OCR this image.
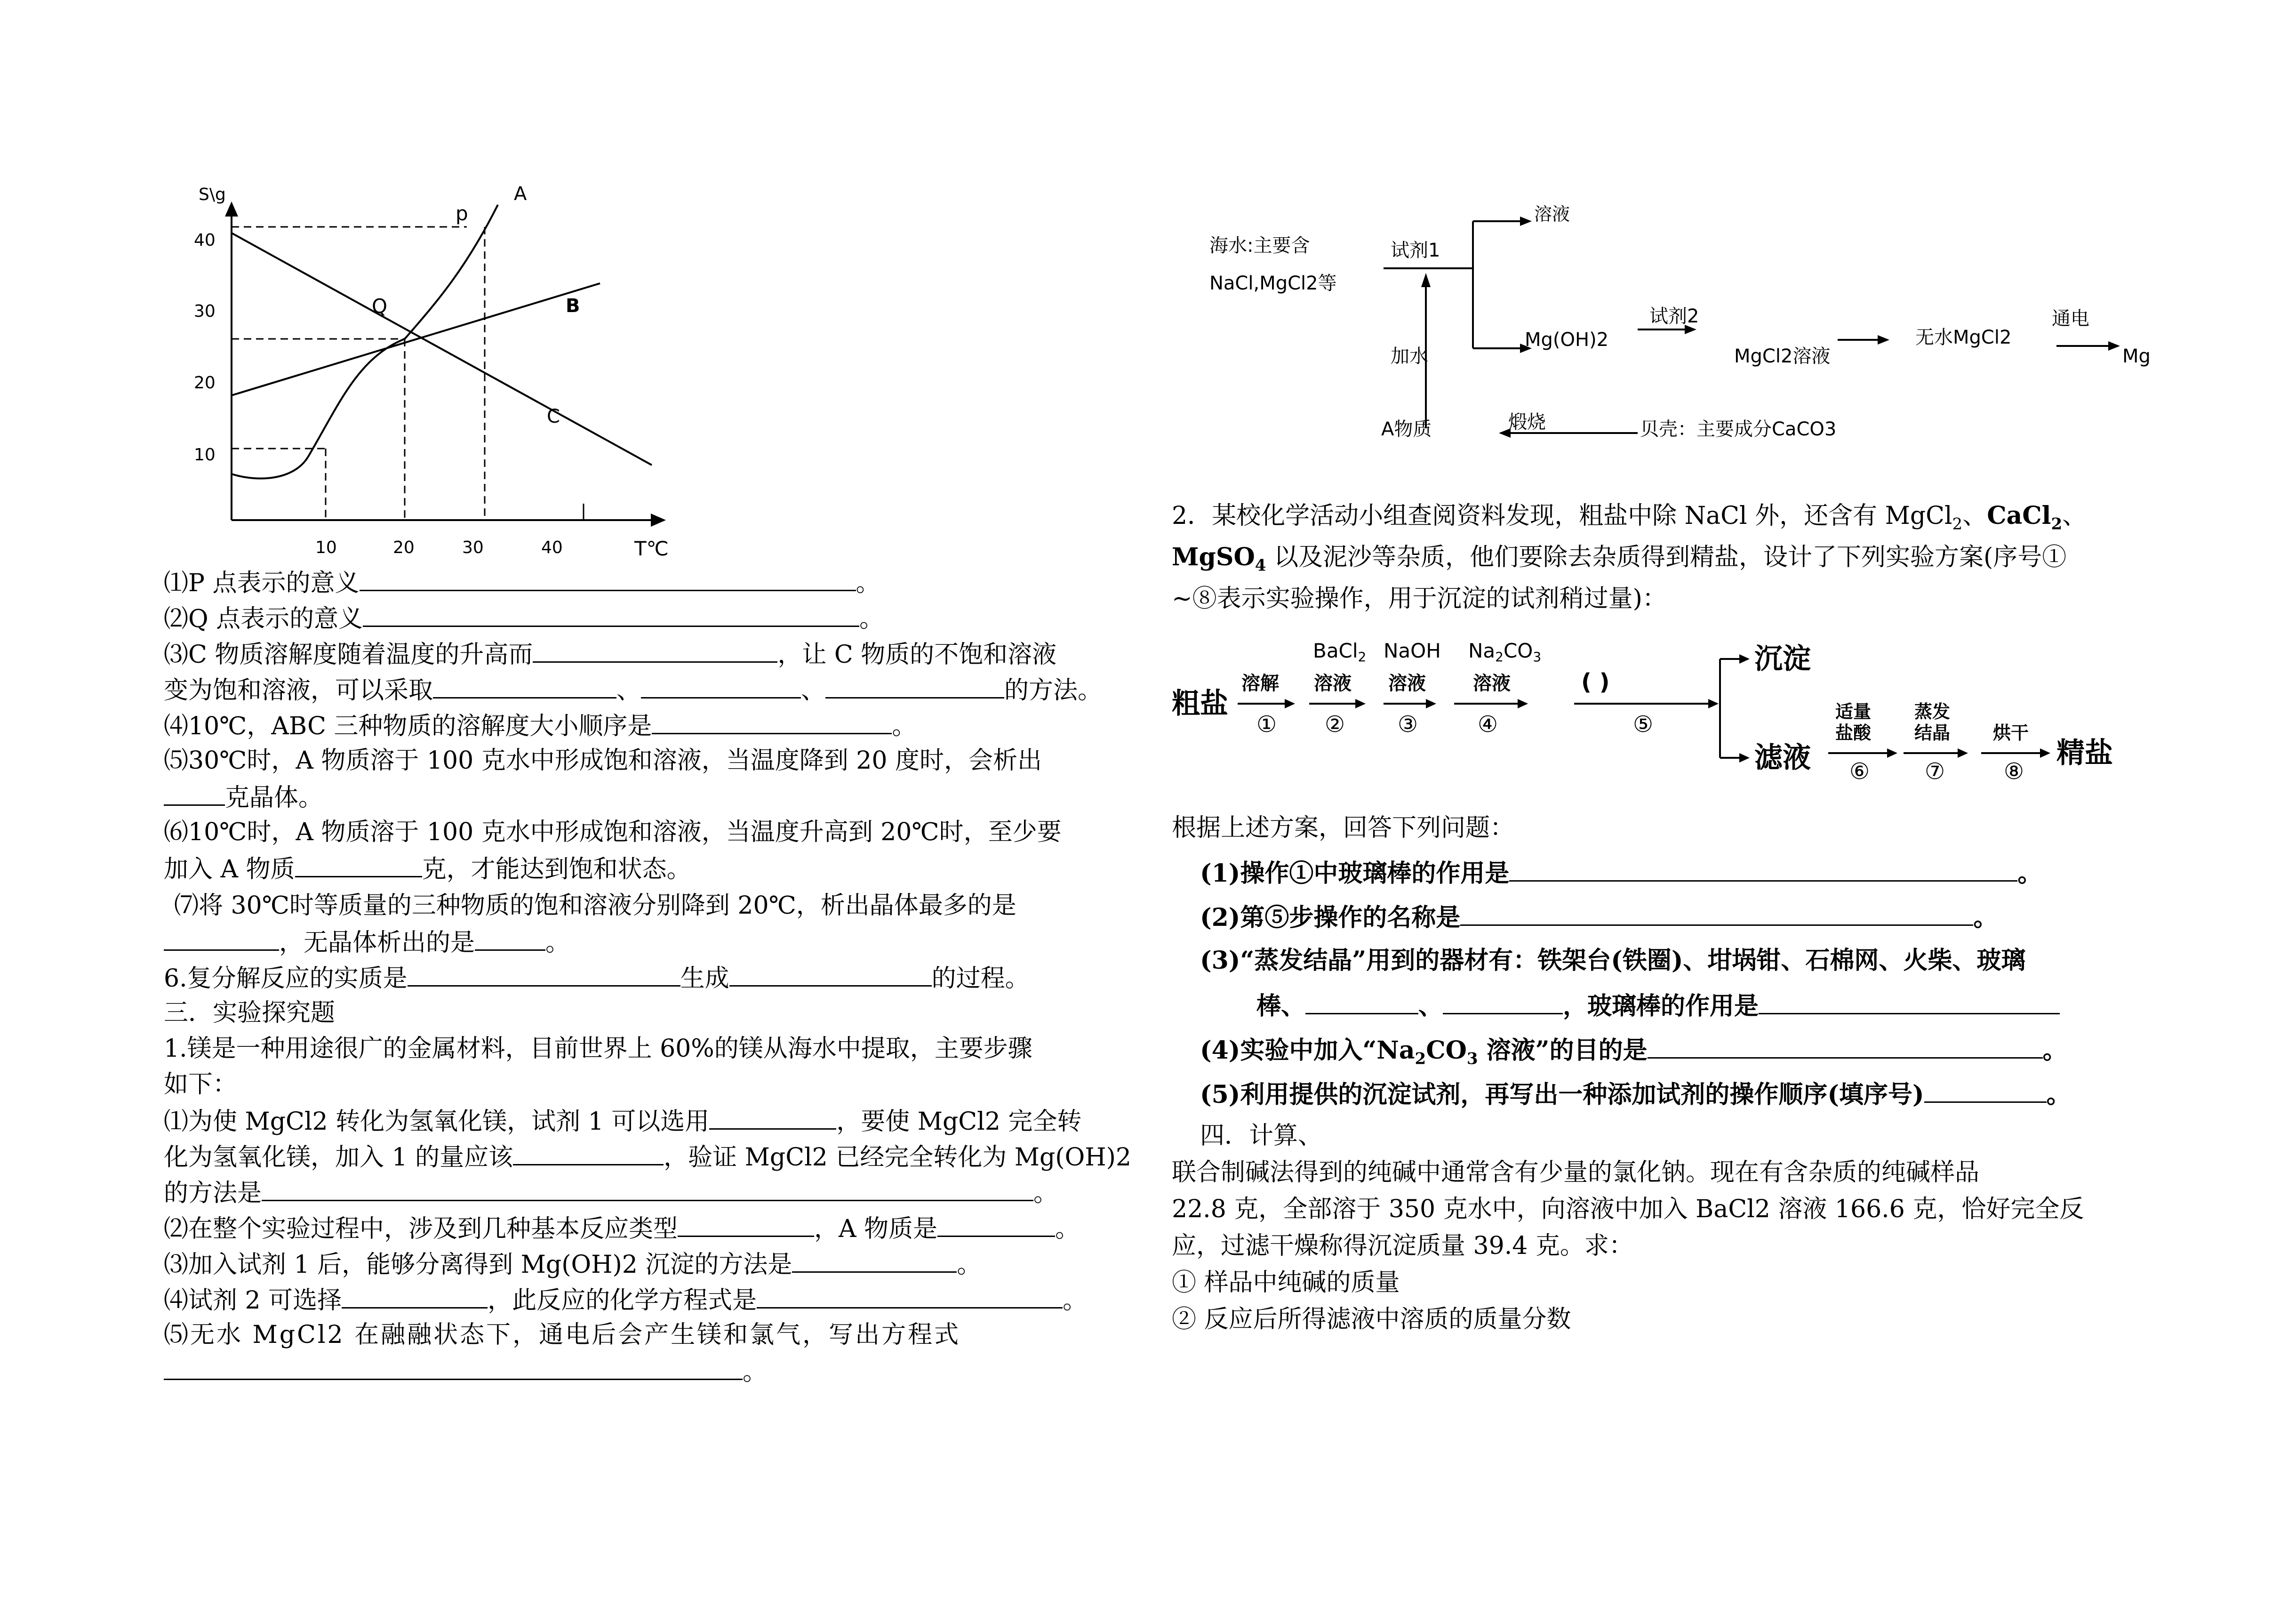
S\g
40
30
20
10
10	20	30	40	T℃
p
Q
A
B
C
⑴P 点表示的意义	。
⑵Q 点表示的意义	。
⑶C 物质溶解度随着温度的升高而	，让 C 物质的不饱和溶液
变为饱和溶液，可以采取	、	、	的方法。
⑷10℃，ABC 三种物质的溶解度大小顺序是	。
⑸30℃时，A 物质溶于 100 克水中形成饱和溶液，当温度降到 20 度时，会析出
克晶体。
⑹10℃时，A 物质溶于 100 克水中形成饱和溶液，当温度升高到 20℃时，至少要
加入 A 物质	克，才能达到饱和状态。
⑺将 30℃时等质量的三种物质的饱和溶液分别降到 20℃，析出晶体最多的是
，无晶体析出的是	。
6.复分解反应的实质是	生成	的过程。
三．实验探究题
1.镁是一种用途很广的金属材料，目前世界上 60%的镁从海水中提取，主要步骤
如下：
⑴为使 MgCl2 转化为氢氧化镁，试剂 1 可以选用	，要使 MgCl2 完全转
化为氢氧化镁，加入 1 的量应该	，验证 MgCl2 已经完全转化为 Mg(OH)2
的方法是	。
⑵在整个实验过程中，涉及到几种基本反应类型	，A 物质是	。
⑶加入试剂 1 后，能够分离得到 Mg(OH)2 沉淀的方法是	。
⑷试剂 2 可选择	，此反应的化学方程式是	。
⑸无水 MgCl2 在融融状态下，通电后会产生镁和氯气，写出方程式
。
海水:主要含
NaCl,MgCl2等
试剂1
溶液
加水
Mg(OH)2
试剂2
MgCl2溶液
无水MgCl2
通电
Mg
A物质	煅烧	贝壳：主要成分CaCO3
2．某校化学活动小组查阅资料发现，粗盐中除 NaCl 外，还含有 MgCl$_2$、CaCl$_2$、
MgSO$_4$ 以及泥沙等杂质，他们要除去杂质得到精盐，设计了下列实验方案(序号①
~⑧表示实验操作，用于沉淀的试剂稍过量)：
粗盐
溶解
BaCl2
溶液
NaOH
溶液
Na2CO3
溶液
① ② ③	④
( )
⑤
沉淀
滤液
适量
盐酸
蒸发
结晶 烘干
⑥ ⑦	⑧
精盐
根据上述方案，回答下列问题：
(1)操作①中玻璃棒的作用是	。
(2)第⑤步操作的名称是	。
(3)“蒸发结晶”用到的器材有：铁架台(铁圈)、坩埚钳、石棉网、火柴、玻璃
棒、	、	，玻璃棒的作用是
(4)实验中加入“$Na_2CO_3$ 溶液”的目的是	。
(5)利用提供的沉淀试剂，再写出一种添加试剂的操作顺序(填序号)	。
四．计算、
联合制碱法得到的纯碱中通常含有少量的氯化钠。现在有含杂质的纯碱样品
22.8 克，全部溶于 350 克水中，向溶液中加入 BaCl2 溶液 166.6 克，恰好完全反
应，过滤干燥称得沉淀质量 39.4 克。求：
① 样品中纯碱的质量
② 反应后所得滤液中溶质的质量分数
